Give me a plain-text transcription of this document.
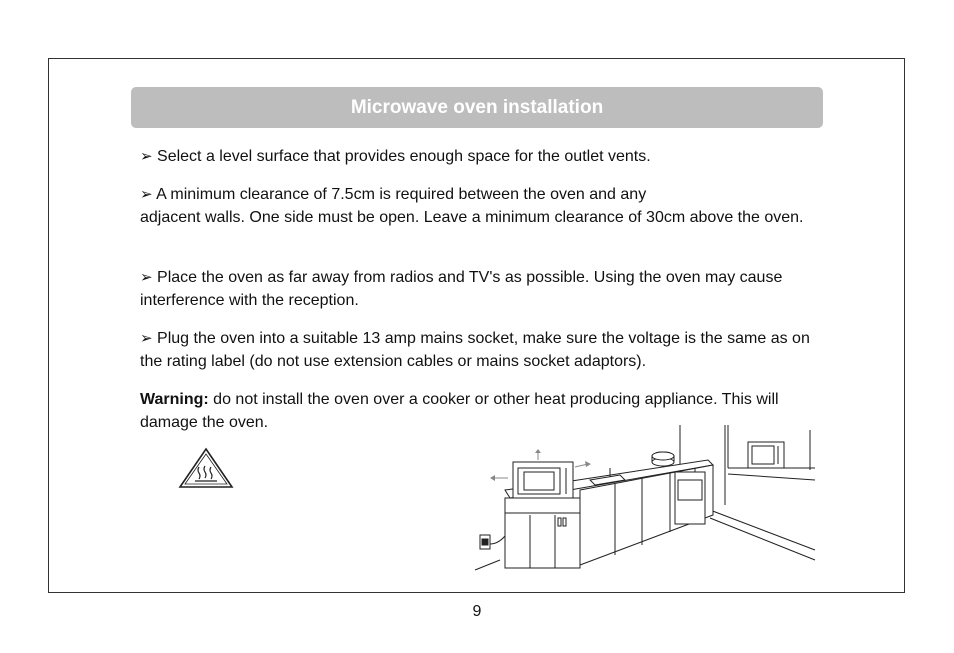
Microwave oven installation
➢ Select a level surface that provides enough space for the outlet vents.
➢ A minimum clearance of 7.5cm is required between the oven and any
adjacent walls. One side must be open. Leave a minimum clearance of 30cm above the oven.
➢ Place the oven as far away from radios and TV's as possible. Using the oven may cause interference with the reception.
➢ Plug the oven into a suitable 13 amp mains socket, make sure the voltage is the same as on the rating label (do not use extension cables or mains socket adaptors).
Warning: do not install the oven over a cooker or other heat producing appliance. This will damage the oven.
9
